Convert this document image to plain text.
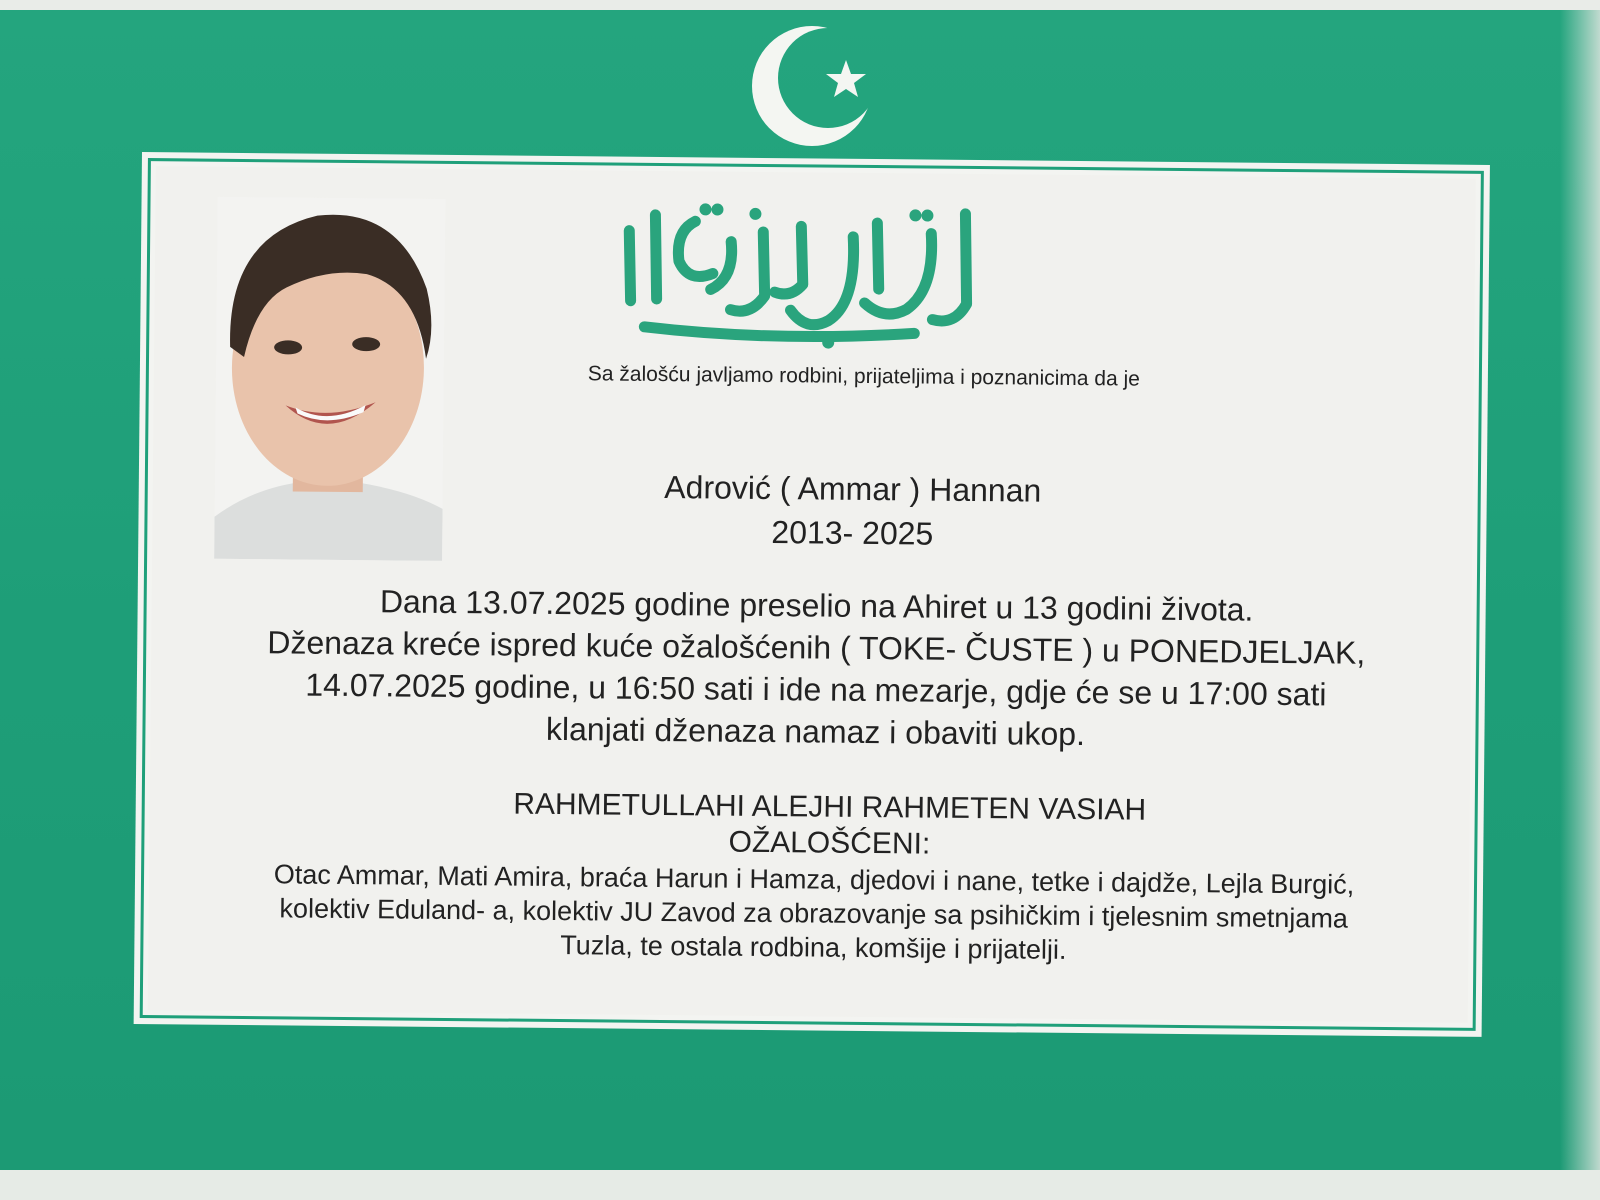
Sa žalošću javljamo rodbini, prijateljima i poznanicima da je
Adrović ( Ammar ) Hannan
2013- 2025
Dana 13.07.2025 godine preselio na Ahiret u 13 godini života.
Dženaza kreće ispred kuće ožalošćenih ( TOKE- ČUSTE ) u PONEDJELJAK,
14.07.2025 godine, u 16:50 sati i ide na mezarje, gdje će se u 17:00 sati
klanjati dženaza namaz i obaviti ukop.
RAHMETULLAHI ALEJHI RAHMETEN VASIAH
OŽALOŠĆENI:
Otac Ammar, Mati Amira, braća Harun i Hamza, djedovi i nane, tetke i dajdže, Lejla Burgić,
kolektiv Eduland- a, kolektiv JU Zavod za obrazovanje sa psihičkim i tjelesnim smetnjama
Tuzla, te ostala rodbina, komšije i prijatelji.
